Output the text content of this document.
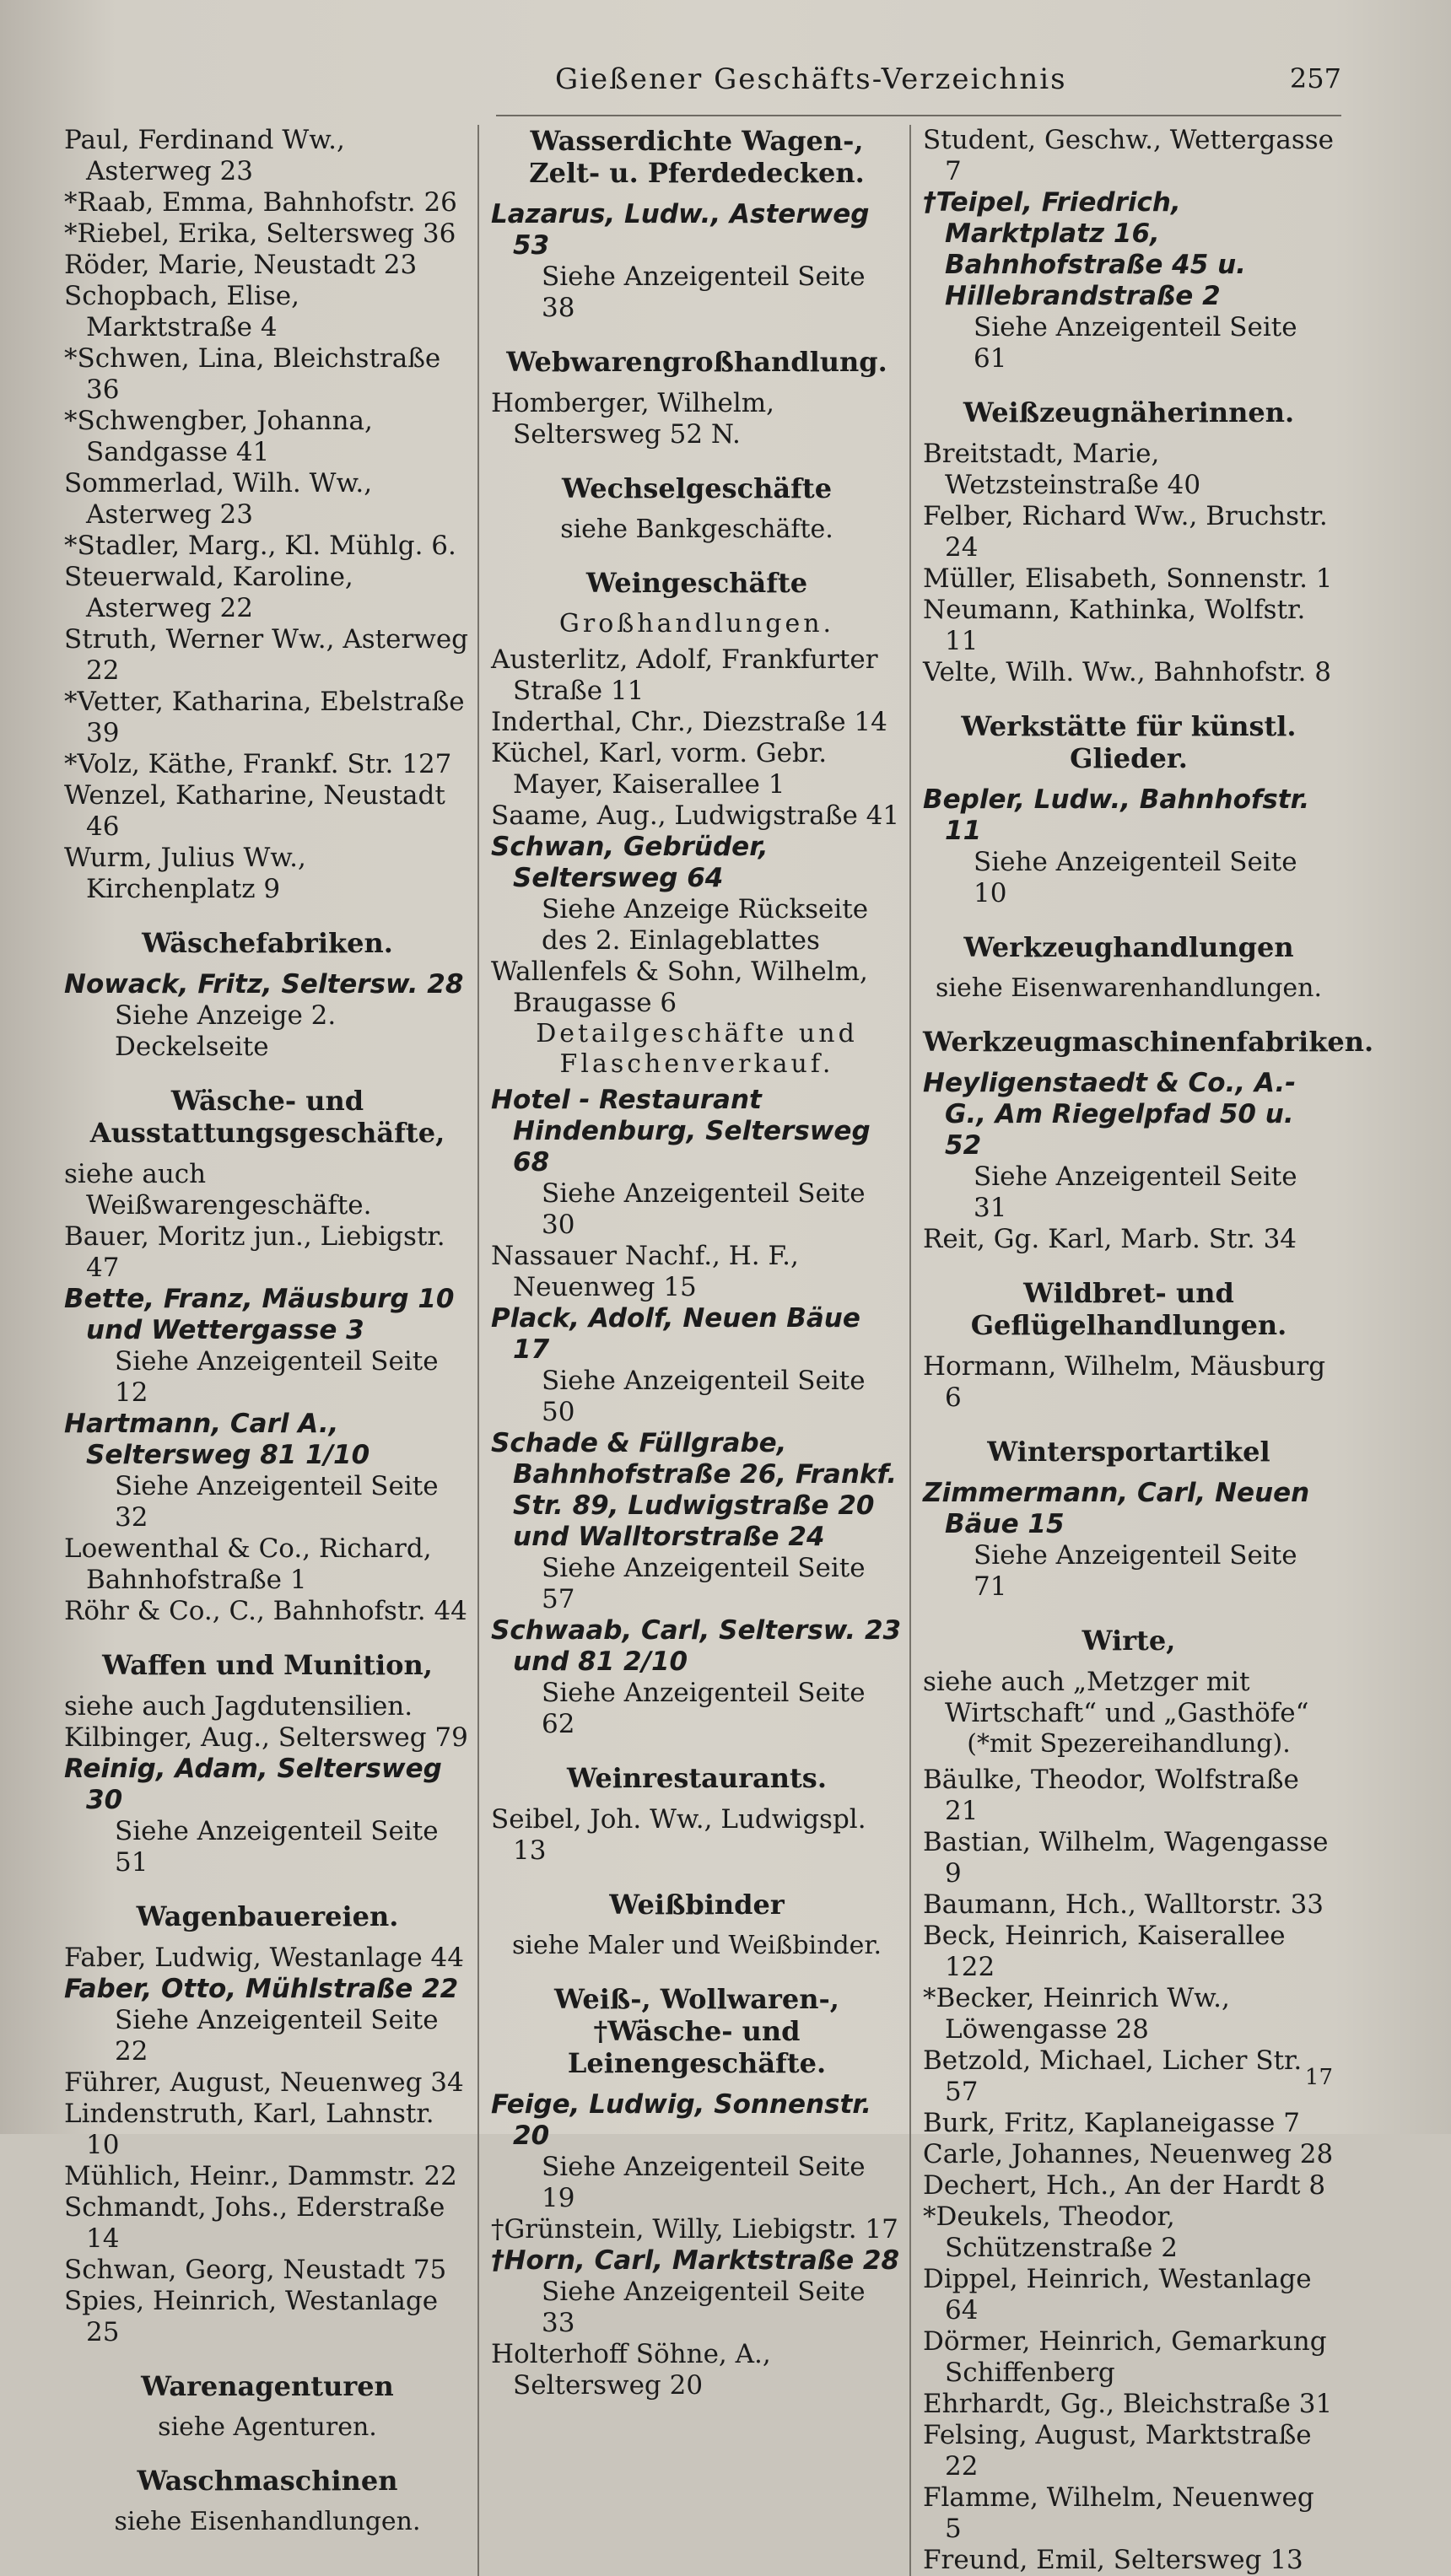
Gießener Geschäfts-Verzeichnis	257
Paul, Ferdinand Ww., Asterweg 23
*Raab, Emma, Bahnhofstr. 26
*Riebel, Erika, Seltersweg 36
Röder, Marie, Neustadt 23
Schopbach, Elise, Marktstraße 4
*Schwen, Lina, Bleichstraße 36
*Schwengber, Johanna, Sandgasse 41
Sommerlad, Wilh. Ww., Asterweg 23
*Stadler, Marg., Kl. Mühlg. 6.
Steuerwald, Karoline, Asterweg 22
Struth, Werner Ww., Asterweg 22
*Vetter, Katharina, Ebelstraße 39
*Volz, Käthe, Frankf. Str. 127
Wenzel, Katharine, Neustadt 46
Wurm, Julius Ww., Kirchenplatz 9
Wäschefabriken.
Nowack, Fritz, Seltersw. 28
Siehe Anzeige 2. Deckelseite
Wäsche- und Ausstattungsgeschäfte,
siehe auch Weißwarengeschäfte.
Bauer, Moritz jun., Liebigstr. 47
Bette, Franz, Mäusburg 10 und Wettergasse 3
Siehe Anzeigenteil Seite 12
Hartmann, Carl A., Seltersweg 81 1/10
Siehe Anzeigenteil Seite 32
Loewenthal & Co., Richard, Bahnhofstraße 1
Röhr & Co., C., Bahnhofstr. 44
Waffen und Munition,
siehe auch Jagdutensilien.
Kilbinger, Aug., Seltersweg 79
Reinig, Adam, Seltersweg 30
Siehe Anzeigenteil Seite 51
Wagenbauereien.
Faber, Ludwig, Westanlage 44
Faber, Otto, Mühlstraße 22
Siehe Anzeigenteil Seite 22
Führer, August, Neuenweg 34
Lindenstruth, Karl, Lahnstr. 10
Mühlich, Heinr., Dammstr. 22
Schmandt, Johs., Ederstraße 14
Schwan, Georg, Neustadt 75
Spies, Heinrich, Westanlage 25
Warenagenturen
siehe Agenturen.
Waschmaschinen
siehe Eisenhandlungen.
Wasserdichte Wagen-, Zelt- u. Pferdedecken.
Lazarus, Ludw., Asterweg 53
Siehe Anzeigenteil Seite 38
Webwarengroßhandlung.
Homberger, Wilhelm, Seltersweg 52 N.
Wechselgeschäfte
siehe Bankgeschäfte.
Weingeschäfte
Großhandlungen.
Austerlitz, Adolf, Frankfurter Straße 11
Inderthal, Chr., Diezstraße 14
Küchel, Karl, vorm. Gebr. Mayer, Kaiserallee 1
Saame, Aug., Ludwigstraße 41
Schwan, Gebrüder, Seltersweg 64
Siehe Anzeige Rückseite des 2. Einlageblattes
Wallenfels & Sohn, Wilhelm, Braugasse 6
Detailgeschäfte und Flaschenverkauf.
Hotel - Restaurant Hindenburg, Seltersweg 68
Siehe Anzeigenteil Seite 30
Nassauer Nachf., H. F., Neuenweg 15
Plack, Adolf, Neuen Bäue 17
Siehe Anzeigenteil Seite 50
Schade & Füllgrabe, Bahnhofstraße 26, Frankf. Str. 89, Ludwigstraße 20 und Walltorstraße 24
Siehe Anzeigenteil Seite 57
Schwaab, Carl, Seltersw. 23 und 81 2/10
Siehe Anzeigenteil Seite 62
Weinrestaurants.
Seibel, Joh. Ww., Ludwigspl. 13
Weißbinder
siehe Maler und Weißbinder.
Weiß-, Wollwaren-, †Wäsche- und Leinengeschäfte.
Feige, Ludwig, Sonnenstr. 20
Siehe Anzeigenteil Seite 19
†Grünstein, Willy, Liebigstr. 17
†Horn, Carl, Marktstraße 28
Siehe Anzeigenteil Seite 33
Holterhoff Söhne, A., Seltersweg 20
Student, Geschw., Wettergasse 7
†Teipel, Friedrich, Marktplatz 16, Bahnhofstraße 45 u. Hillebrandstraße 2
Siehe Anzeigenteil Seite 61
Weißzeugnäherinnen.
Breitstadt, Marie, Wetzsteinstraße 40
Felber, Richard Ww., Bruchstr. 24
Müller, Elisabeth, Sonnenstr. 1
Neumann, Kathinka, Wolfstr. 11
Velte, Wilh. Ww., Bahnhofstr. 8
Werkstätte für künstl. Glieder.
Bepler, Ludw., Bahnhofstr. 11
Siehe Anzeigenteil Seite 10
Werkzeughandlungen
siehe Eisenwarenhandlungen.
Werkzeugmaschinenfabriken.
Heyligenstaedt & Co., A.-G., Am Riegelpfad 50 u. 52
Siehe Anzeigenteil Seite 31
Reit, Gg. Karl, Marb. Str. 34
Wildbret- und Geflügelhandlungen.
Hormann, Wilhelm, Mäusburg 6
Wintersportartikel
Zimmermann, Carl, Neuen Bäue 15
Siehe Anzeigenteil Seite 71
Wirte,
siehe auch „Metzger mit Wirtschaft“ und „Gasthöfe“
(*mit Spezereihandlung).
Bäulke, Theodor, Wolfstraße 21
Bastian, Wilhelm, Wagengasse 9
Baumann, Hch., Walltorstr. 33
Beck, Heinrich, Kaiserallee 122
*Becker, Heinrich Ww., Löwengasse 28
Betzold, Michael, Licher Str. 57
Burk, Fritz, Kaplaneigasse 7
Carle, Johannes, Neuenweg 28
Dechert, Hch., An der Hardt 8
*Deukels, Theodor, Schützenstraße 2
Dippel, Heinrich, Westanlage 64
Dörmer, Heinrich, Gemarkung Schiffenberg
Ehrhardt, Gg., Bleichstraße 31
Felsing, August, Marktstraße 22
Flamme, Wilhelm, Neuenweg 5
Freund, Emil, Seltersweg 13
17
